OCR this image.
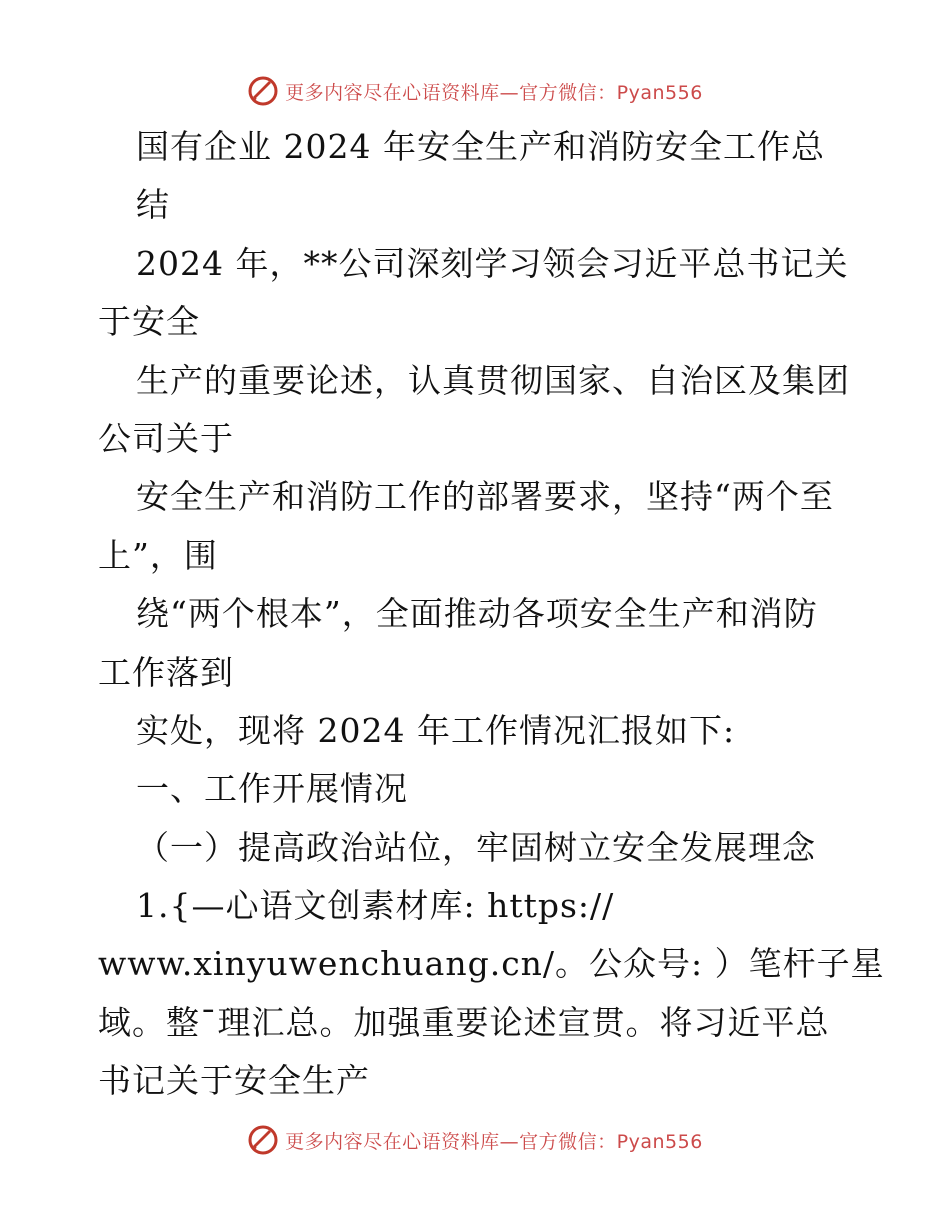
更多内容尽在心语资料库—官方微信：Pyan556
国有企业 2024 年安全生产和消防安全工作总
结
2024 年，**公司深刻学习领会习近平总书记关
于安全
生产的重要论述，认真贯彻国家、自治区及集团
公司关于
安全生产和消防工作的部署要求，坚持“两个至
上”，围
绕“两个根本”，全面推动各项安全生产和消防
工作落到
实处，现将 2024 年工作情况汇报如下:
一、工作开展情况
（一）提高政治站位，牢固树立安全发展理念
1.{—心语文创素材库: https://
www.xinyuwenchuang.cn/。公众号: ）笔杆子星
域。整¯理汇总。加强重要论述宣贯。将习近平总
书记关于安全生产
更多内容尽在心语资料库—官方微信：Pyan556
